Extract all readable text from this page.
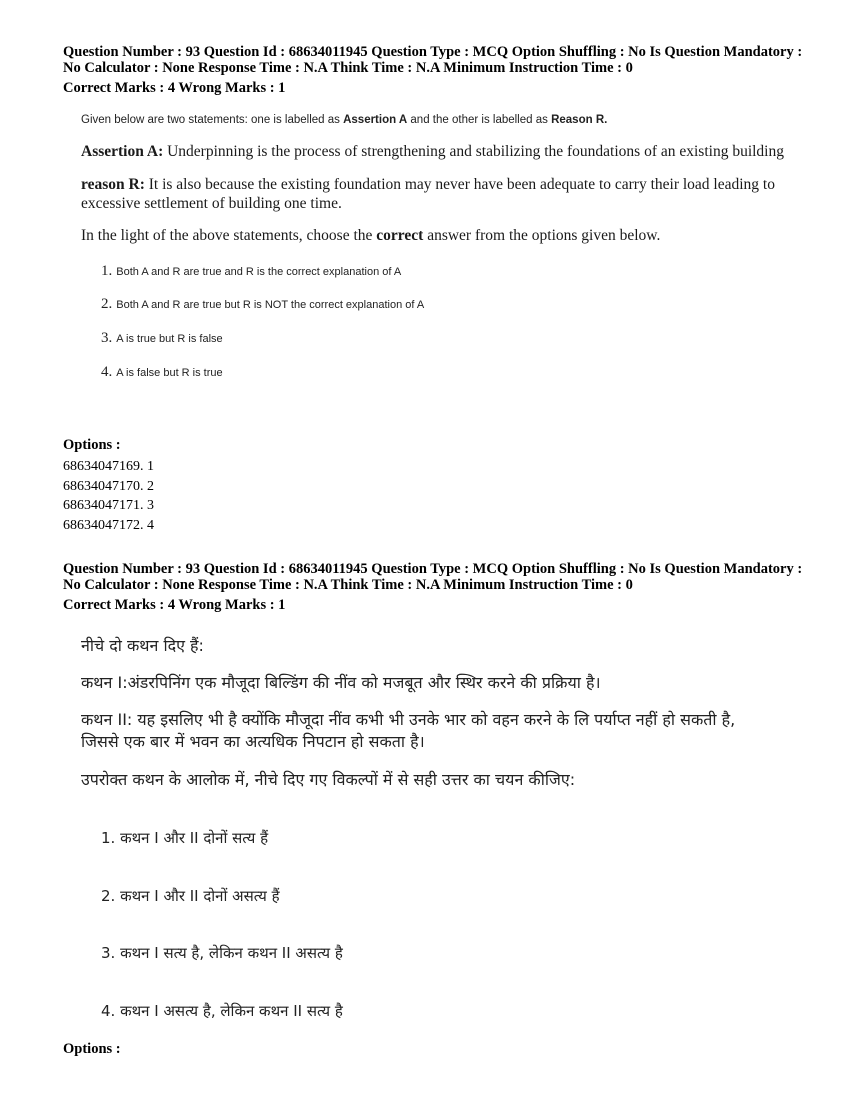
Question Number : 93 Question Id : 68634011945 Question Type : MCQ Option Shuffling : No Is Question Mandatory :
No Calculator : None Response Time : N.A Think Time : N.A Minimum Instruction Time : 0
Correct Marks : 4 Wrong Marks : 1

Given below are two statements: one is labelled as Assertion A and the other is labelled as Reason R.

Assertion A: Underpinning is the process of strengthening and stabilizing the foundations of an existing building
reason R: It is also because the existing foundation may never have been adequate to carry their load leading to excessive settlement of building one time.
In the light of the above statements, choose the correct answer from the options given below.
1. Both A and R are true and R is the correct explanation of A
2. Both A and R are true but R is NOT the correct explanation of A
3. A is true but R is false
4. A is false but R is true
Options :
68634047169. 1
68634047170. 2
68634047171. 3
68634047172. 4
Question Number : 93 Question Id : 68634011945 Question Type : MCQ Option Shuffling : No Is Question Mandatory :
No Calculator : None Response Time : N.A Think Time : N.A Minimum Instruction Time : 0
Correct Marks : 4 Wrong Marks : 1
नीचे दो कथन दिए हैं:
कथन I:अंडरपिनिंग एक मौजूदा बिल्डिंग की नींव को मजबूत और स्थिर करने की प्रक्रिया है।
कथन II: यह इसलिए भी है क्योंकि मौजूदा नींव कभी भी उनके भार को वहन करने के लि पर्याप्त नहीं हो सकती है,
जिससे एक बार में भवन का अत्यधिक निपटान हो सकता है।
उपरोक्त कथन के आलोक में, नीचे दिए गए विकल्पों में से सही उत्तर का चयन कीजिए:
1. कथन I और II दोनों सत्य हैं
2. कथन I और II दोनों असत्य हैं
3. कथन I सत्य है, लेकिन कथन II असत्य है
4. कथन I असत्य है, लेकिन कथन II सत्य है
Options :
